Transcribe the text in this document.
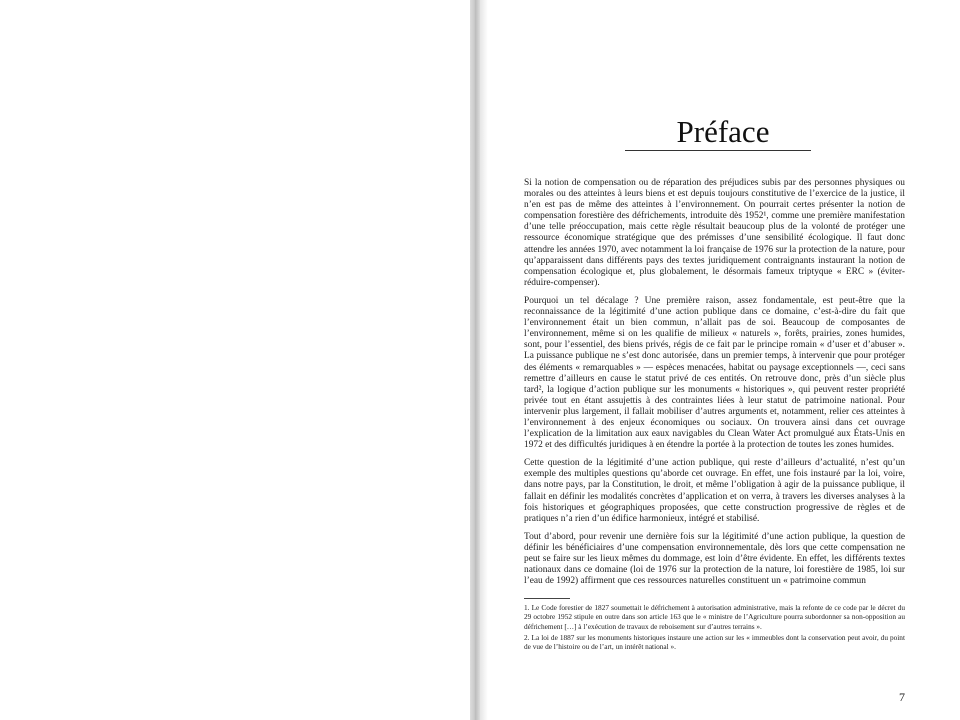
Préface

Si la notion de compensation ou de réparation des préjudices subis par des personnes physiques ou morales ou des atteintes à leurs biens et est depuis toujours constitutive de l’exercice de la justice, il n’en est pas de même des atteintes à l’environnement. On pourrait certes présenter la notion de compensation forestière des défrichements, introduite dès 1952¹, comme une première manifestation d’une telle préoccupation, mais cette règle résultait beaucoup plus de la volonté de protéger une ressource économique stratégique que des prémisses d’une sensibilité écologique. Il faut donc attendre les années 1970, avec notamment la loi française de 1976 sur la protection de la nature, pour qu’apparaissent dans différents pays des textes juridiquement contraignants instaurant la notion de compensation écologique et, plus globalement, le désormais fameux triptyque « ERC » (éviter-réduire-compenser).

Pourquoi un tel décalage ? Une première raison, assez fondamentale, est peut-être que la reconnaissance de la légitimité d’une action publique dans ce domaine, c’est-à-dire du fait que l’environnement était un bien commun, n’allait pas de soi. Beaucoup de composantes de l’environnement, même si on les qualifie de milieux « naturels », forêts, prairies, zones humides, sont, pour l’essentiel, des biens privés, régis de ce fait par le principe romain « d’user et d’abuser ». La puissance publique ne s’est donc autorisée, dans un premier temps, à intervenir que pour protéger des éléments « remarquables » — espèces menacées, habitat ou paysage exceptionnels —, ceci sans remettre d’ailleurs en cause le statut privé de ces entités. On retrouve donc, près d’un siècle plus tard², la logique d’action publique sur les monuments « historiques », qui peuvent rester propriété privée tout en étant assujettis à des contraintes liées à leur statut de patrimoine national. Pour intervenir plus largement, il fallait mobiliser d’autres arguments et, notamment, relier ces atteintes à l’environnement à des enjeux économiques ou sociaux. On trouvera ainsi dans cet ouvrage l’explication de la limitation aux eaux navigables du Clean Water Act promulgué aux États-Unis en 1972 et des difficultés juridiques à en étendre la portée à la protection de toutes les zones humides.

Cette question de la légitimité d’une action publique, qui reste d’ailleurs d’actualité, n’est qu’un exemple des multiples questions qu’aborde cet ouvrage. En effet, une fois instauré par la loi, voire, dans notre pays, par la Constitution, le droit, et même l’obligation à agir de la puissance publique, il fallait en définir les modalités concrètes d’application et on verra, à travers les diverses analyses à la fois historiques et géographiques proposées, que cette construction progressive de règles et de pratiques n’a rien d’un édifice harmonieux, intégré et stabilisé.

Tout d’abord, pour revenir une dernière fois sur la légitimité d’une action publique, la question de définir les bénéficiaires d’une compensation environnementale, dès lors que cette compensation ne peut se faire sur les lieux mêmes du dommage, est loin d’être évidente. En effet, les différents textes nationaux dans ce domaine (loi de 1976 sur la protection de la nature, loi forestière de 1985, loi sur l’eau de 1992) affirment que ces ressources naturelles constituent un « patrimoine commun

1. Le Code forestier de 1827 soumettait le défrichement à autorisation administrative, mais la refonte de ce code par le décret du 29 octobre 1952 stipule en outre dans son article 163 que le « ministre de l’Agriculture pourra subordonner sa non-opposition au défrichement […] à l’exécution de travaux de reboisement sur d’autres terrains ».

2. La loi de 1887 sur les monuments historiques instaure une action sur les « immeubles dont la conservation peut avoir, du point de vue de l’histoire ou de l’art, un intérêt national ».

7
